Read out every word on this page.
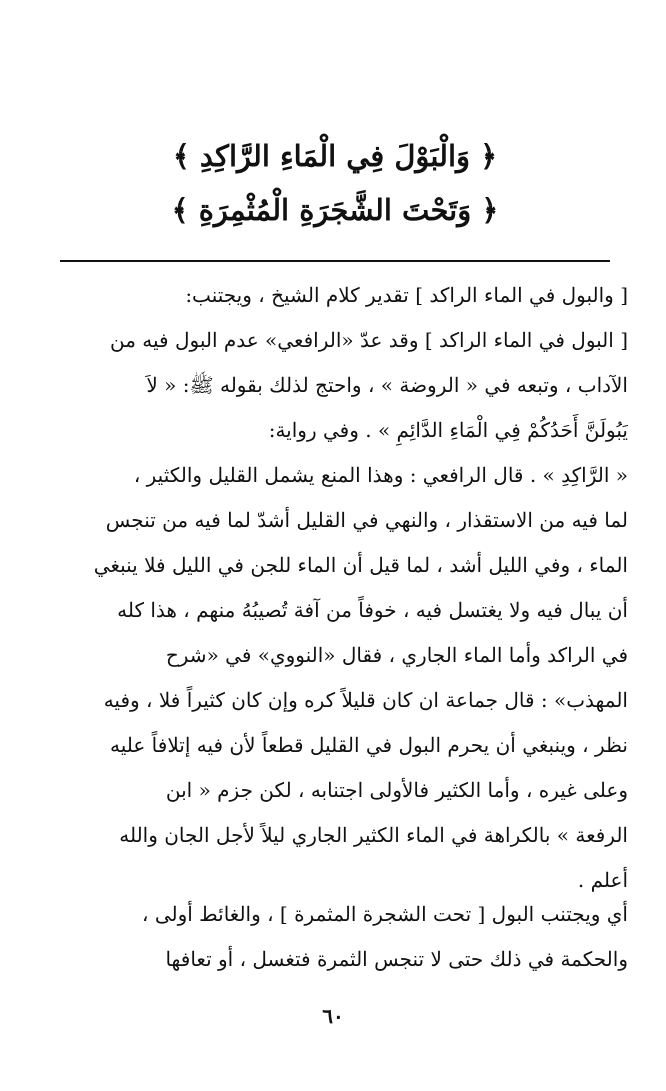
﴿ وَالْبَوْلَ فِي الْمَاءِ الرَّاكِدِ ﴾
﴿ وَتَحْتَ الشَّجَرَةِ الْمُثْمِرَةِ ﴾
[ والبول في الماء الراكد ] تقدير كلام الشيخ ، ويجتنب:
[ البول في الماء الراكد ] وقد عدّ «الرافعي» عدم البول فيه من
الآداب ، وتبعه في « الروضة » ، واحتج لذلك بقوله ﷺ: « لاَ
يَبُولَنَّ أَحَدُكُمْ فِي الْمَاءِ الدَّائِمِ » . وفي رواية:
« الرَّاكِدِ » . قال الرافعي : وهذا المنع يشمل القليل والكثير ،
لما فيه من الاستقذار ، والنهي في القليل أشدّ لما فيه من تنجس
الماء ، وفي الليل أشد ، لما قيل أن الماء للجن في الليل فلا ينبغي
أن يبال فيه ولا يغتسل فيه ، خوفاً من آفة تُصيبُهُ منهم ، هذا كله
في الراكد وأما الماء الجاري ، فقال «النووي» في «شرح
المهذب» : قال جماعة ان كان قليلاً كره وإن كان كثيراً فلا ، وفيه
نظر ، وينبغي أن يحرم البول في القليل قطعاً لأن فيه إتلافاً عليه
وعلى غيره ، وأما الكثير فالأولى اجتنابه ، لكن جزم « ابن
الرفعة » بالكراهة في الماء الكثير الجاري ليلاً لأجل الجان والله
أعلم .
أي ويجتنب البول [ تحت الشجرة المثمرة ] ، والغائط أولى ،
والحكمة في ذلك حتى لا تنجس الثمرة فتغسل ، أو تعافها
٦٠
